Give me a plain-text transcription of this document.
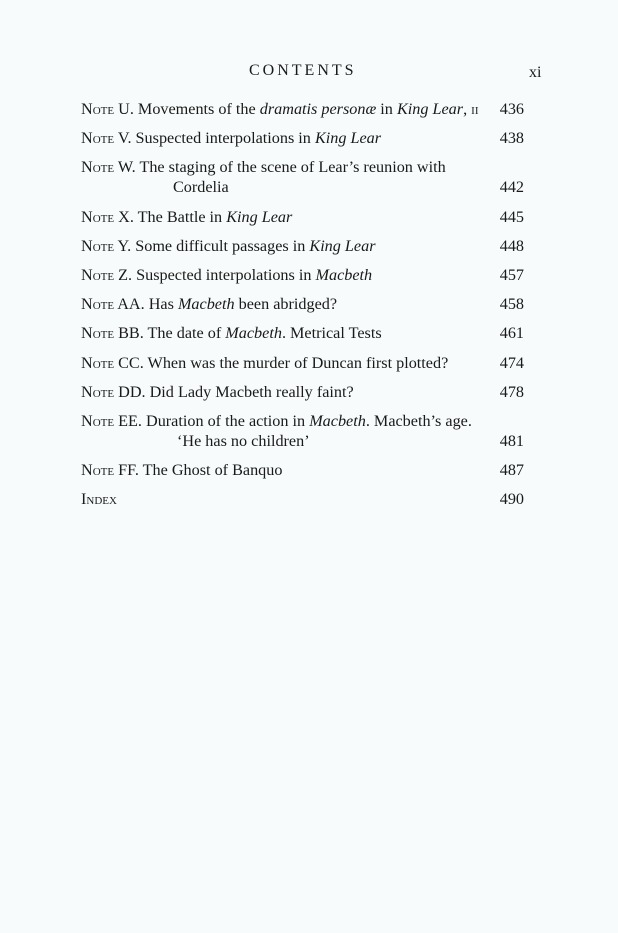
CONTENTS	xi
Note U. Movements of the dramatis personæ in King Lear, ii	436
Note V. Suspected interpolations in King Lear	438
Note W. The staging of the scene of Lear’s reunion with
Cordelia	442
Note X. The Battle in King Lear	445
Note Y. Some difficult passages in King Lear	448
Note Z. Suspected interpolations in Macbeth	457
Note AA. Has Macbeth been abridged?	458
Note BB. The date of Macbeth. Metrical Tests	461
Note CC. When was the murder of Duncan first plotted?	474
Note DD. Did Lady Macbeth really faint?	478
Note EE. Duration of the action in Macbeth. Macbeth’s age.
‘He has no children’	481
Note FF. The Ghost of Banquo	487
Index	490
